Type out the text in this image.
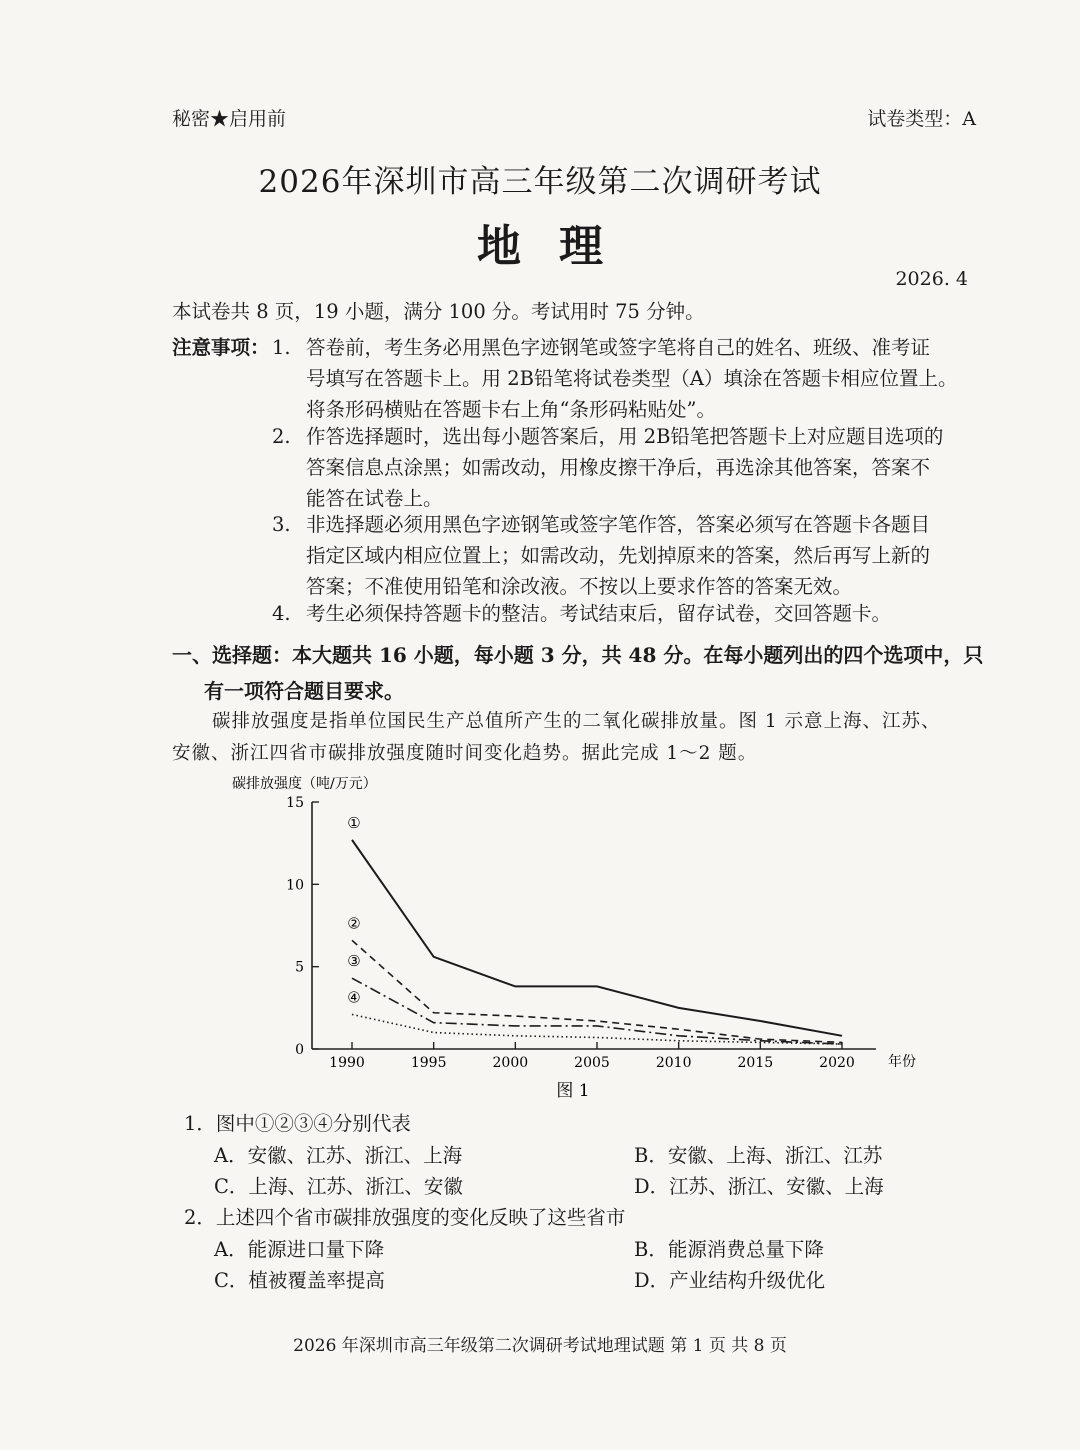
秘密★启用前	试卷类型：A
2026年深圳市高三年级第二次调研考试
地理
2026. 4
本试卷共 8 页，19 小题，满分 100 分。考试用时 75 分钟。
注意事项： 1. 答卷前，考生务必用黑色字迹钢笔或签字笔将自己的姓名、班级、准考证
号填写在答题卡上。用 2B铅笔将试卷类型（A）填涂在答题卡相应位置上。
将条形码横贴在答题卡右上角“条形码粘贴处”。
2. 作答选择题时，选出每小题答案后，用 2B铅笔把答题卡上对应题目选项的
答案信息点涂黑；如需改动，用橡皮擦干净后，再选涂其他答案，答案不
能答在试卷上。
3. 非选择题必须用黑色字迹钢笔或签字笔作答，答案必须写在答题卡各题目
指定区域内相应位置上；如需改动，先划掉原来的答案，然后再写上新的
答案；不准使用铅笔和涂改液。不按以上要求作答的答案无效。
4. 考生必须保持答题卡的整洁。考试结束后，留存试卷，交回答题卡。
一、选择题：本大题共 16 小题，每小题 3 分，共 48 分。在每小题列出的四个选项中，只
有一项符合题目要求。
碳排放强度是指单位国民生产总值所产生的二氧化碳排放量。图 1 示意上海、江苏、
安徽、浙江四省市碳排放强度随时间变化趋势。据此完成 1～2 题。
碳排放强度（吨/万元）
年份
图 1
0
5
10
15
1990	1995	2000	2005	2010	2015	2020
①
②
③
④
1．图中①②③④分别代表
A．安徽、江苏、浙江、上海	B．安徽、上海、浙江、江苏
C．上海、江苏、浙江、安徽	D．江苏、浙江、安徽、上海
2．上述四个省市碳排放强度的变化反映了这些省市
A．能源进口量下降	B．能源消费总量下降
C．植被覆盖率提高	D．产业结构升级优化
2026 年深圳市高三年级第二次调研考试地理试题 第 1 页 共 8 页
